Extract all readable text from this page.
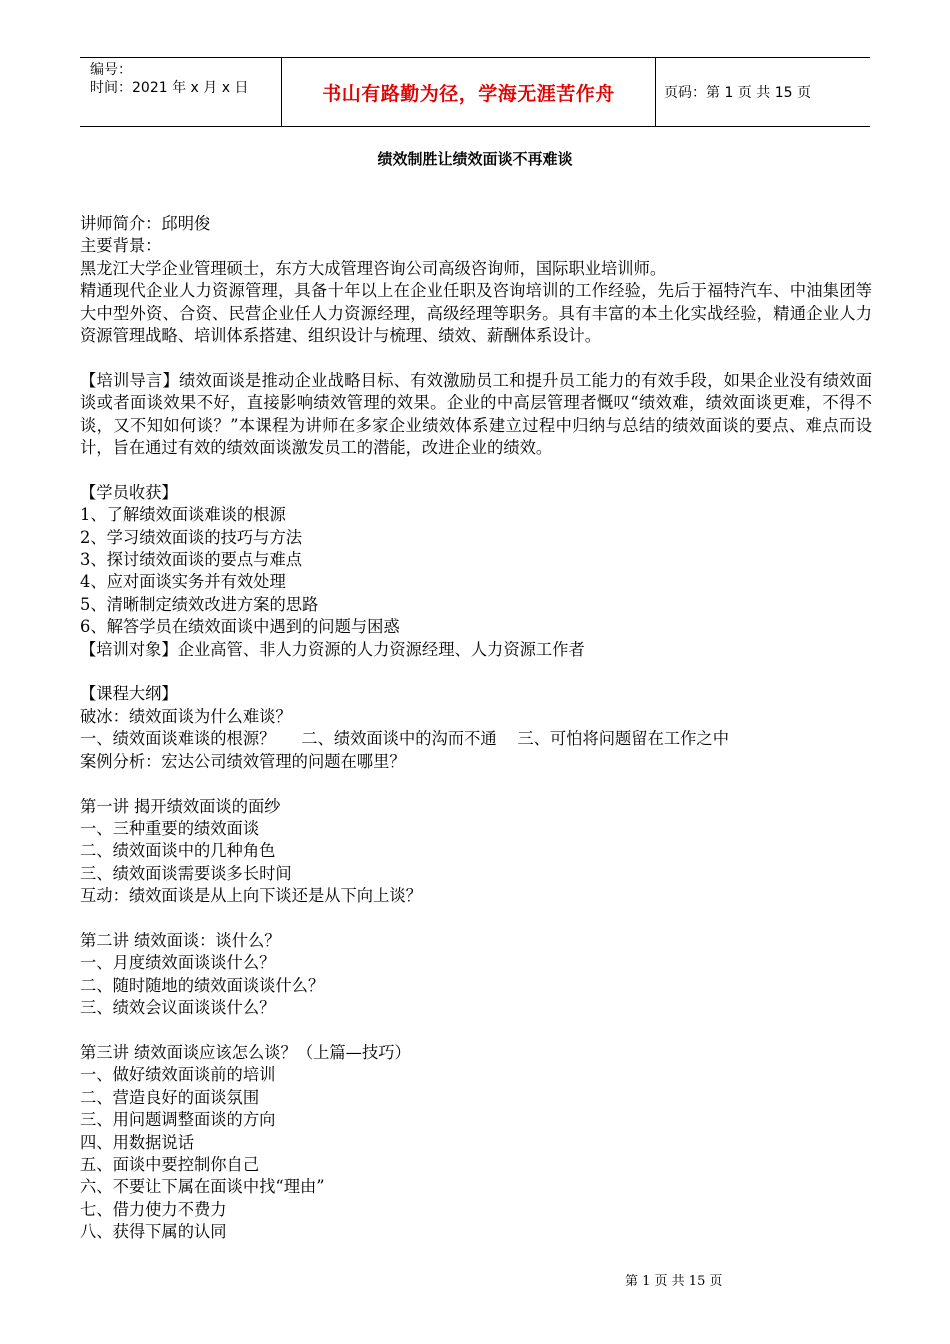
编号：
时间：2021 年 x 月 x 日	书山有路勤为径，学海无涯苦作舟	页码：第 1 页 共 15 页
绩效制胜让绩效面谈不再难谈

讲师简介：邱明俊

主要背景：

黑龙江大学企业管理硕士，东方大成管理咨询公司高级咨询师，国际职业培训师。

精通现代企业人力资源管理，具备十年以上在企业任职及咨询培训的工作经验，先后于福特汽车、中油集团等大中型外资、合资、民营企业任人力资源经理，高级经理等职务。具有丰富的本土化实战经验，精通企业人力资源管理战略、培训体系搭建、组织设计与梳理、绩效、薪酬体系设计。

【培训导言】绩效面谈是推动企业战略目标、有效激励员工和提升员工能力的有效手段，如果企业没有绩效面谈或者面谈效果不好，直接影响绩效管理的效果。企业的中高层管理者慨叹“绩效难，绩效面谈更难，不得不谈，又不知如何谈？”本课程为讲师在多家企业绩效体系建立过程中归纳与总结的绩效面谈的要点、难点而设计，旨在通过有效的绩效面谈激发员工的潜能，改进企业的绩效。

【学员收获】

1、了解绩效面谈难谈的根源

2、学习绩效面谈的技巧与方法

3、探讨绩效面谈的要点与难点

4、应对面谈实务并有效处理

5、清晰制定绩效改进方案的思路

6、解答学员在绩效面谈中遇到的问题与困惑

【培训对象】企业高管、非人力资源的人力资源经理、人力资源工作者

【课程大纲】

破冰：绩效面谈为什么难谈？

一、绩效面谈难谈的根源？     二、绩效面谈中的沟而不通    三、可怕将问题留在工作之中

案例分析：宏达公司绩效管理的问题在哪里？

第一讲 揭开绩效面谈的面纱

一、三种重要的绩效面谈

二、绩效面谈中的几种角色

三、绩效面谈需要谈多长时间

互动：绩效面谈是从上向下谈还是从下向上谈？

第二讲 绩效面谈：谈什么？

一、月度绩效面谈谈什么？

二、随时随地的绩效面谈谈什么？

三、绩效会议面谈谈什么？

第三讲 绩效面谈应该怎么谈？（上篇—技巧）

一、做好绩效面谈前的培训

二、营造良好的面谈氛围

三、用问题调整面谈的方向

四、用数据说话

五、面谈中要控制你自己

六、不要让下属在面谈中找“理由”

七、借力使力不费力

八、获得下属的认同

第 1 页 共 15 页
